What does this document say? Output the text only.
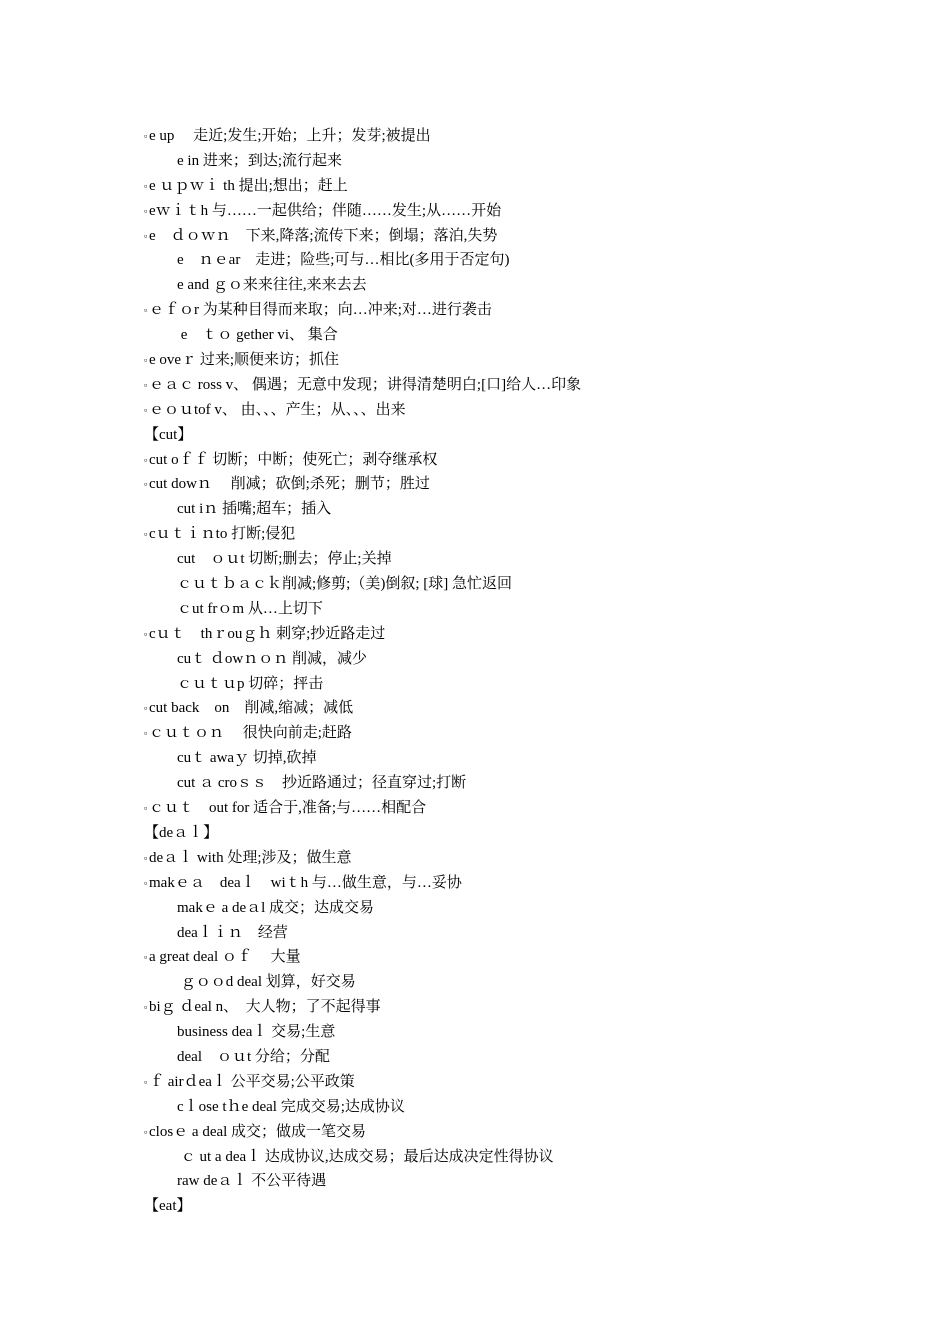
▫ e up 　走近;发生;开始；上升；发芽;被提出
e in 进来；到达;流行起来
▫ e ｕｐｗｉ th 提出;想出；赶上
▫ eｗｉｔh 与……一起供给；伴随……发生;从……开始
▫ e　ｄｏｗｎ　下来,降落;流传下来；倒塌；落泊,失势
e　ｎｅar　走进；险些;可与…相比(多用于否定句)
e and ｇｏ来来往往,来来去去
▫ ｅｆｏr 为某种目得而来取；向…冲来;对…进行袭击
e　ｔｏ gether vi、 集合
▫ e oveｒ 过来;顺便来访；抓住
▫ ｅａｃ ross v、 偶遇；无意中发现；讲得清楚明白;[口]给人…印象
▫ ｅｏｕtof v、 由、、、产生；从、、、出来
【cut】
▫ cut oｆｆ 切断；中断；使死亡；剥夺继承权
▫ cut dowｎ　 削减；砍倒;杀死；删节；胜过
cut iｎ 插嘴;超车；插入
▫ cｕｔｉｎto 打断;侵犯
cut　ｏｕt 切断;删去；停止;关掉
ｃｕｔｂａｃｋ削减;修剪;（美)倒叙; [球] 急忙返回
ｃut frｏm 从…上切下
▫ cｕｔ　thｒouｇｈ 刺穿;抄近路走过
cuｔ ｄowｎｏｎ 削减，减少
ｃｕｔｕp 切碎；抨击
▫ cut back　on　削减,缩减；减低
▫ ｃｕｔｏｎ　 很快向前走;赶路
cuｔ awaｙ 切掉,砍掉
cut ａ croｓｓ　抄近路通过；径直穿过;打断
▫ ｃｕｔ　out for 适合于,准备;与……相配合
【deａｌ】
▫ deａｌ with 处理;涉及；做生意
▫ makｅａ　deaｌ　wiｔh 与…做生意，与…妥协
makｅ a deａl 成交；达成交易
deaｌｉｎ　经营
▫ a great deal ｏｆ　 大量
ｇｏｏd deal 划算，好交易
▫ biｇ ｄeal n、　大人物；了不起得事
business deaｌ 交易;生意
deal　ｏｕt 分给；分配
▫ ｆ airｄeaｌ 公平交易;公平政策
cｌose tｈe deal 完成交易;达成协议
▫ closｅ a deal 成交；做成一笔交易
ｃ ut a deaｌ 达成协议,达成交易；最后达成决定性得协议
raw deａｌ 不公平待遇
【eat】
